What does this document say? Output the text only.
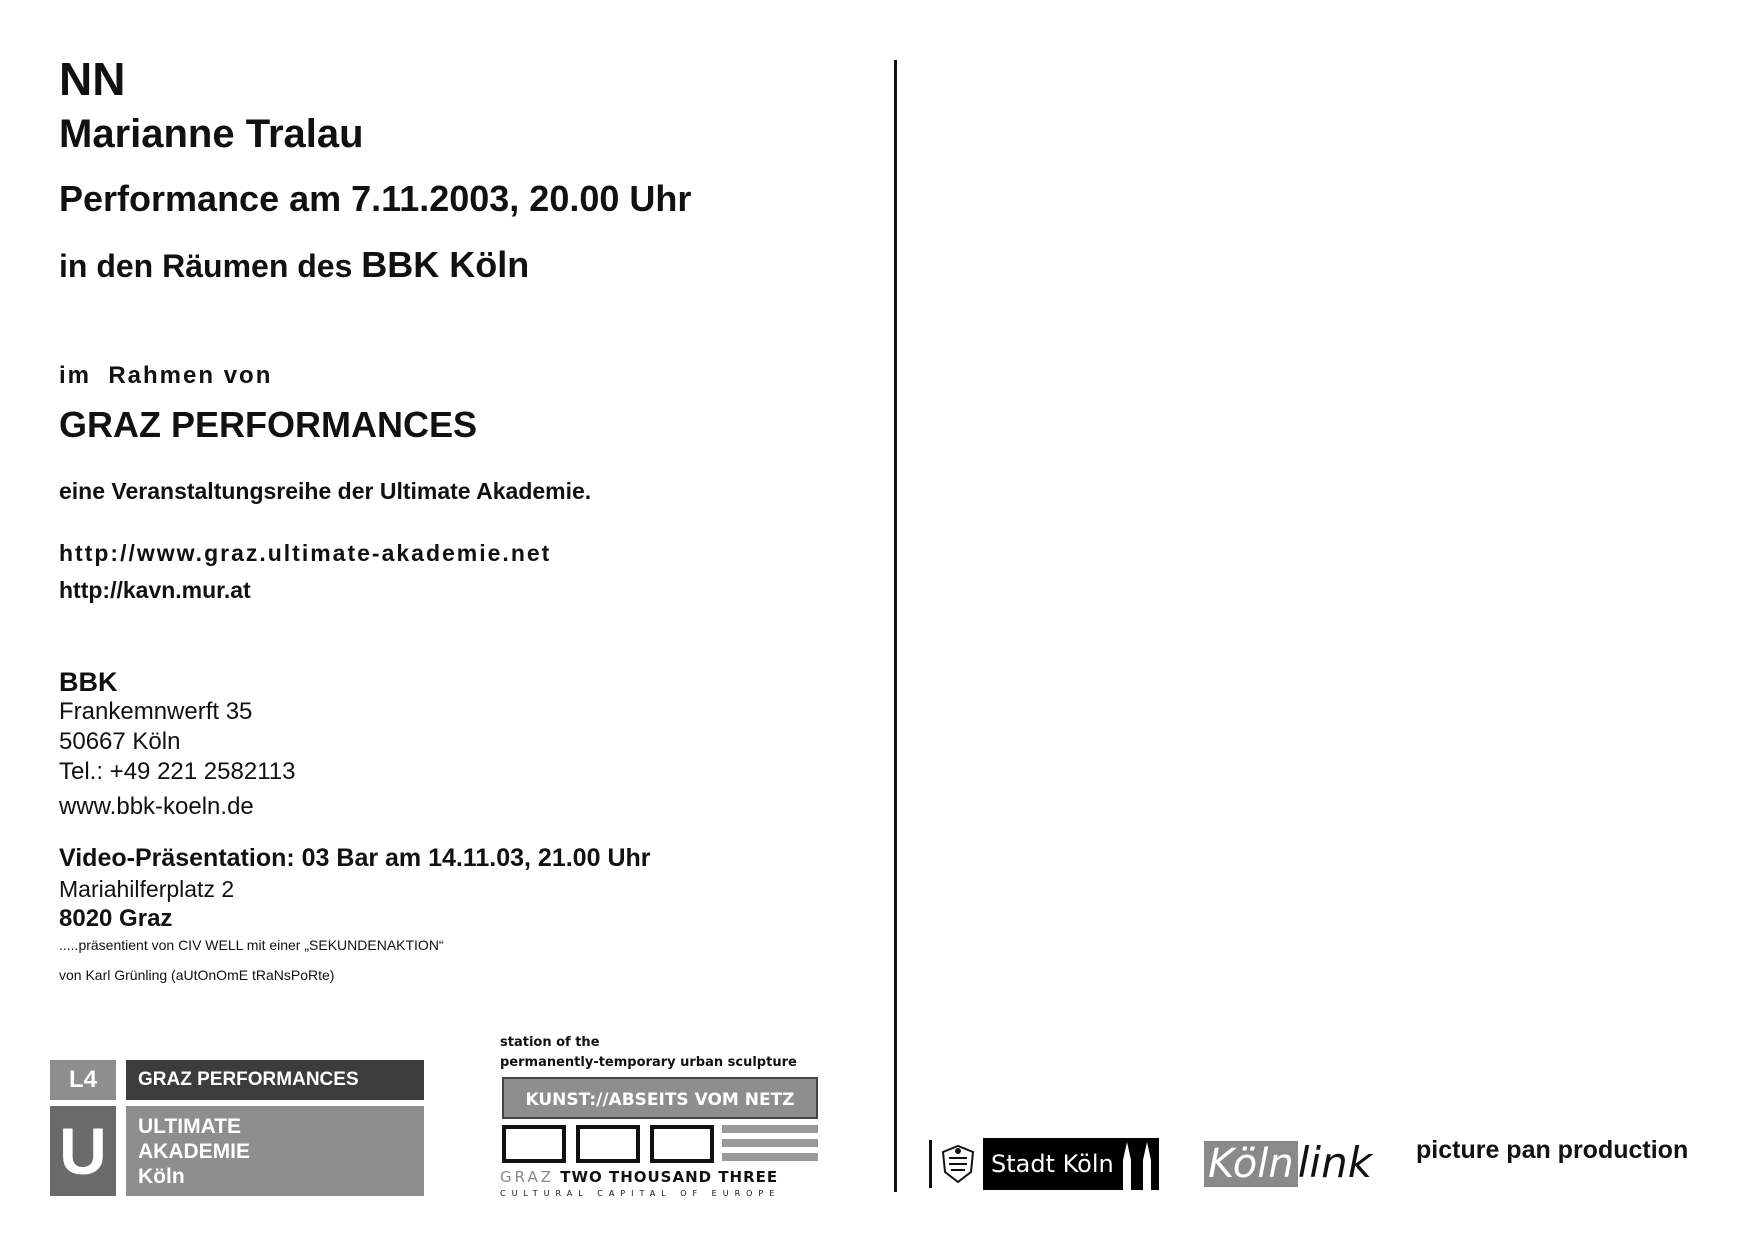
NN
Marianne Tralau
Performance am 7.11.2003, 20.00 Uhr
in den Räumen des BBK Köln
im  Rahmen von
GRAZ PERFORMANCES
eine Veranstaltungsreihe der Ultimate Akademie.
http://www.graz.ultimate-akademie.net
http://kavn.mur.at
BBK
Frankemnwerft 35
50667 Köln
Tel.: +49 221 2582113
www.bbk-koeln.de
Video-Präsentation: 03 Bar am 14.11.03, 21.00 Uhr
Mariahilferplatz 2
8020 Graz
.....präsentient von CIV WELL mit einer „SEKUNDENAKTION“
von Karl Grünling (aUtOnOmE tRaNsPoRte)
L4 GRAZ PERFORMANCES
U ULTIMATE
AKADEMIE
Köln
station of the
permanently-temporary urban sculpture
KUNST://ABSEITS VOM NETZ
GRAZ TWO THOUSAND THREE
CULTURAL CAPITAL OF EUROPE
Stadt Köln	Kölnlink picture pan production
